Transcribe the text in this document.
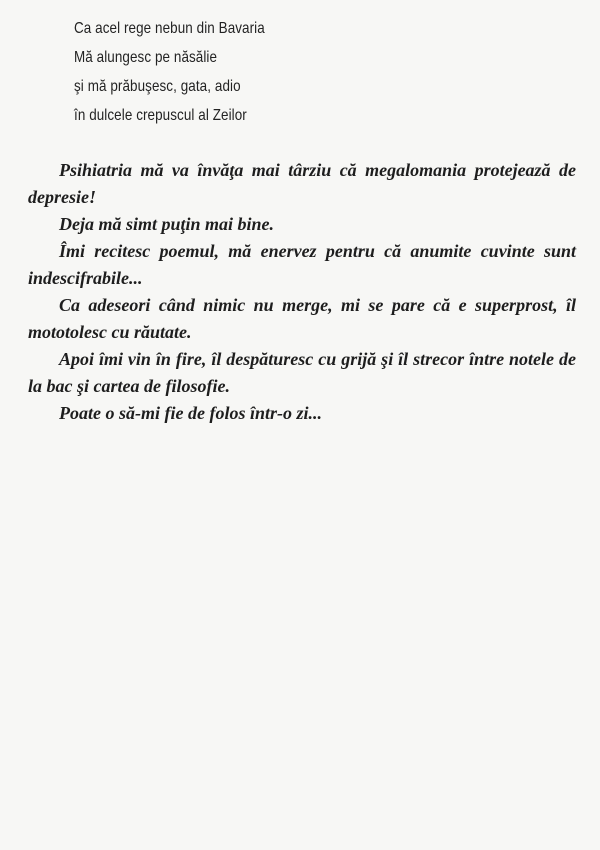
Ca acel rege nebun din Bavaria
Mă alungesc pe năsălie
şi mă prăbuşesc, gata, adio
în dulcele crepuscul al Zeilor

Psihiatria mă va învăţa mai târziu că megalomania protejează de depresie!

Deja mă simt puţin mai bine.

Îmi recitesc poemul, mă enervez pentru că anumite cuvinte sunt indescifrabile...

Ca adeseori când nimic nu merge, mi se pare că e superprost, îl mototolesc cu răutate.

Apoi îmi vin în fire, îl despăturesc cu grijă şi îl strecor între notele de la bac şi cartea de filosofie.

Poate o să-mi fie de folos într-o zi...
